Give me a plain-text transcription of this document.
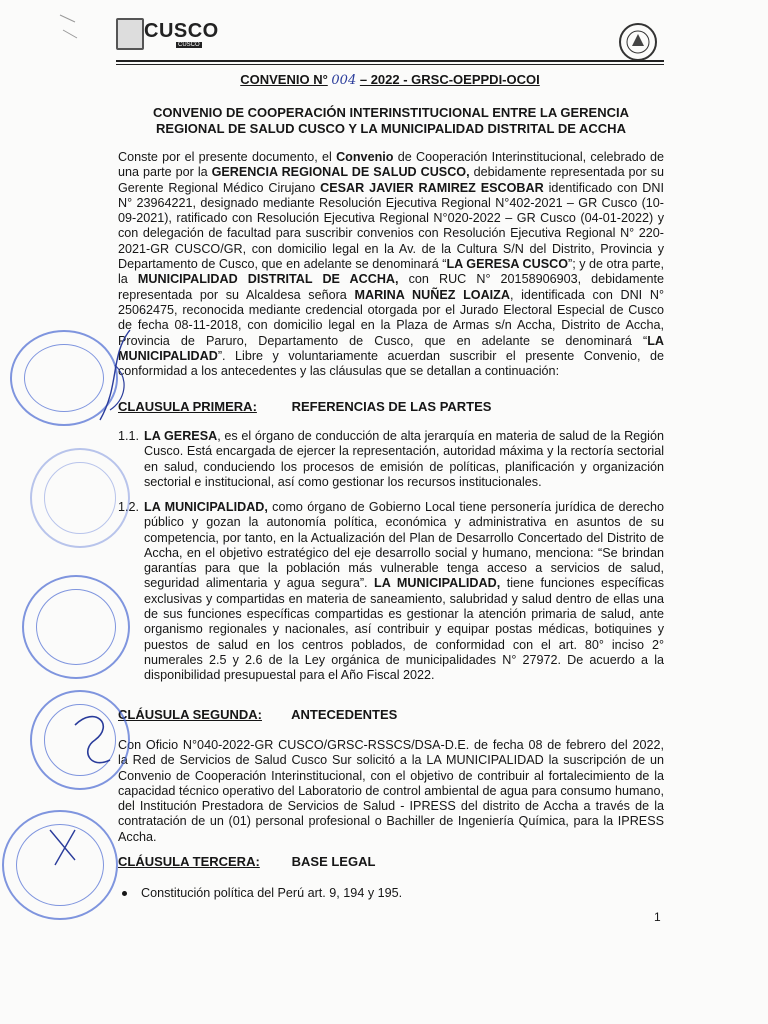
CUSCO
CUSCO
CONVENIO N° 004 – 2022 - GRSC-OEPPDI-OCOI
CONVENIO DE COOPERACIÓN INTERINSTITUCIONAL ENTRE LA GERENCIA
REGIONAL DE SALUD CUSCO Y LA MUNICIPALIDAD DISTRITAL DE ACCHA
Conste por el presente documento, el Convenio de Cooperación Interinstitucional, celebrado de una parte por la GERENCIA REGIONAL DE SALUD CUSCO, debidamente representada por su Gerente Regional Médico Cirujano CESAR JAVIER RAMIREZ ESCOBAR identificado con DNI N° 23964221, designado mediante Resolución Ejecutiva Regional N°402-2021 – GR Cusco (10-09-2021), ratificado con Resolución Ejecutiva Regional N°020-2022 – GR Cusco (04-01-2022) y con delegación de facultad para suscribir convenios con Resolución Ejecutiva Regional N° 220-2021-GR CUSCO/GR, con domicilio legal en la Av. de la Cultura S/N del Distrito, Provincia y Departamento de Cusco, que en adelante se denominará “LA GERESA CUSCO”; y de otra parte, la MUNICIPALIDAD DISTRITAL DE ACCHA, con RUC N° 20158906903, debidamente representada por su Alcaldesa señora MARINA NUÑEZ LOAIZA, identificada con DNI N° 25062475, reconocida mediante credencial otorgada por el Jurado Electoral Especial de Cusco de fecha 08-11-2018, con domicilio legal en la Plaza de Armas s/n Accha, Distrito de Accha, Provincia de Paruro, Departamento de Cusco, que en adelante se denominará “LA MUNICIPALIDAD”. Libre y voluntariamente acuerdan suscribir el presente Convenio, de conformidad a los antecedentes y las cláusulas que se detallan a continuación:
CLAUSULA PRIMERA:	REFERENCIAS DE LAS PARTES
1.1. LA GERESA, es el órgano de conducción de alta jerarquía en materia de salud de la Región Cusco. Está encargada de ejercer la representación, autoridad máxima y la rectoría sectorial en salud, conduciendo los procesos de emisión de políticas, planificación y organización sectorial e institucional, así como gestionar los recursos institucionales.
1.2. LA MUNICIPALIDAD, como órgano de Gobierno Local tiene personería jurídica de derecho público y gozan la autonomía política, económica y administrativa en asuntos de su competencia, por tanto, en la Actualización del Plan de Desarrollo Concertado del Distrito de Accha, en el objetivo estratégico del eje desarrollo social y humano, menciona: “Se brindan garantías para que la población más vulnerable tenga acceso a servicios de salud, seguridad alimentaria y agua segura”. LA MUNICIPALIDAD, tiene funciones específicas exclusivas y compartidas en materia de saneamiento, salubridad y salud dentro de ellas una de sus funciones específicas compartidas es gestionar la atención primaria de salud, ante organismo regionales y nacionales, así contribuir y equipar postas médicas, botiquines y puestos de salud en los centros poblados, de conformidad con el art. 80° inciso 2° numerales 2.5 y 2.6 de la Ley orgánica de municipalidades N° 27972. De acuerdo a la disponibilidad presupuestal para el Año Fiscal 2022.
CLÁUSULA SEGUNDA: ANTECEDENTES
Con Oficio N°040-2022-GR CUSCO/GRSC-RSSCS/DSA-D.E. de fecha 08 de febrero del 2022, la Red de Servicios de Salud Cusco Sur solicitó a la LA MUNICIPALIDAD la suscripción de un Convenio de Cooperación Interinstitucional, con el objetivo de contribuir al fortalecimiento de la capacidad técnico operativo del Laboratorio de control ambiental de agua para consumo humano, del Institución Prestadora de Servicios de Salud - IPRESS del distrito de Accha a través de la contratación de un (01) personal profesional o Bachiller de Ingeniería Química, para la IPRESS Accha.
CLÁUSULA TERCERA: BASE LEGAL
Constitución política del Perú art. 9, 194 y 195.
1
